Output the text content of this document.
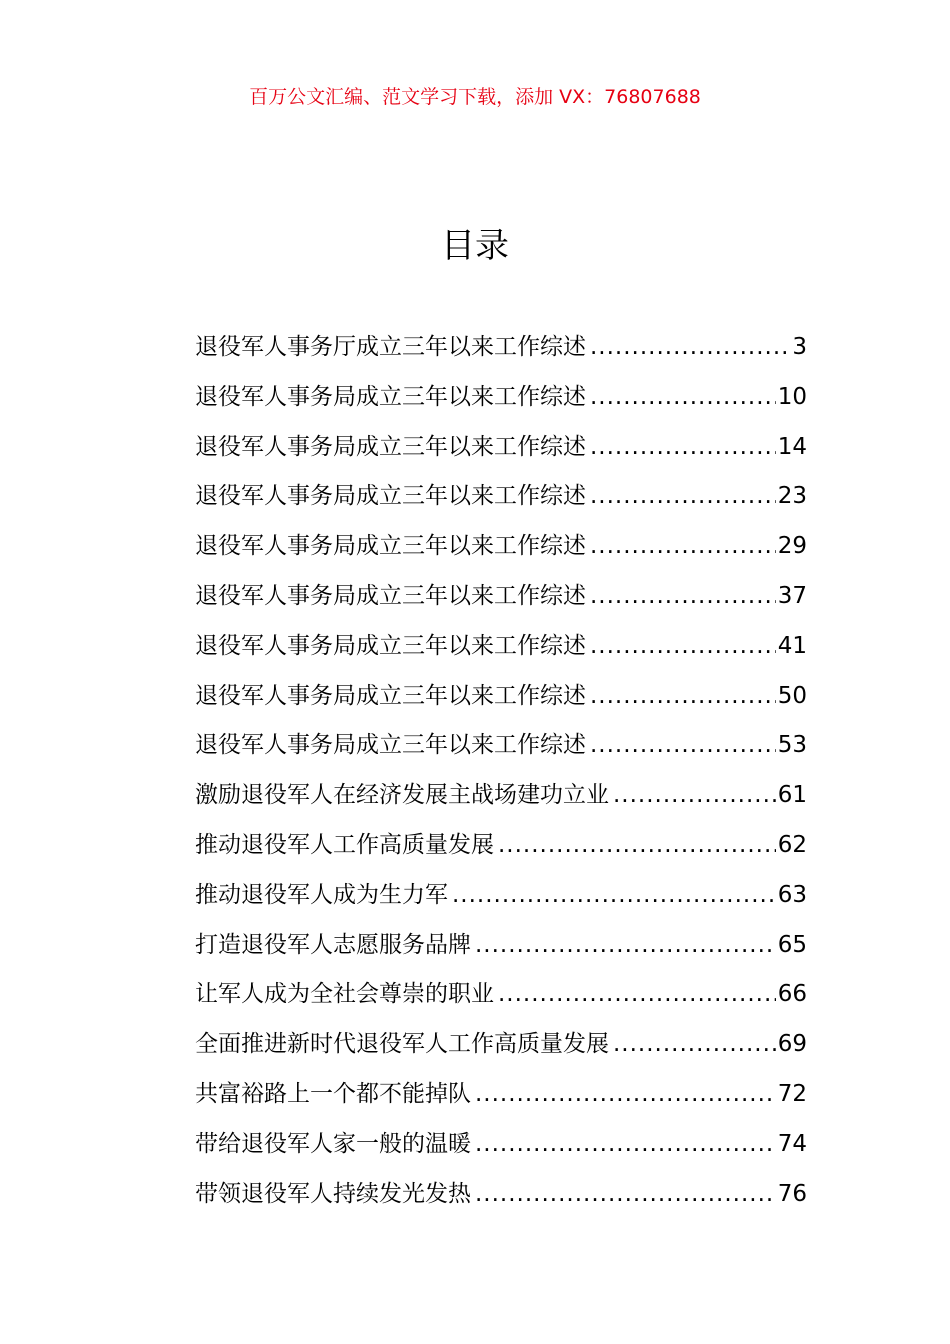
百万公文汇编、范文学习下载，添加 VX：76807688
目录
退役军人事务厅成立三年以来工作综述 .....	3
退役军人事务局成立三年以来工作综述 .....	10
退役军人事务局成立三年以来工作综述 .....	14
退役军人事务局成立三年以来工作综述 .....	23
退役军人事务局成立三年以来工作综述 .....	29
退役军人事务局成立三年以来工作综述 .....	37
退役军人事务局成立三年以来工作综述 .....	41
退役军人事务局成立三年以来工作综述 .....	50
退役军人事务局成立三年以来工作综述 .....	53
激励退役军人在经济发展主战场建功立业 .....	61
推动退役军人工作高质量发展 .....	62
推动退役军人成为生力军 .....	63
打造退役军人志愿服务品牌 .....	65
让军人成为全社会尊崇的职业 .....	66
全面推进新时代退役军人工作高质量发展 .....	69
共富裕路上一个都不能掉队 .....	72
带给退役军人家一般的温暖 .....	74
带领退役军人持续发光发热 .....	76
